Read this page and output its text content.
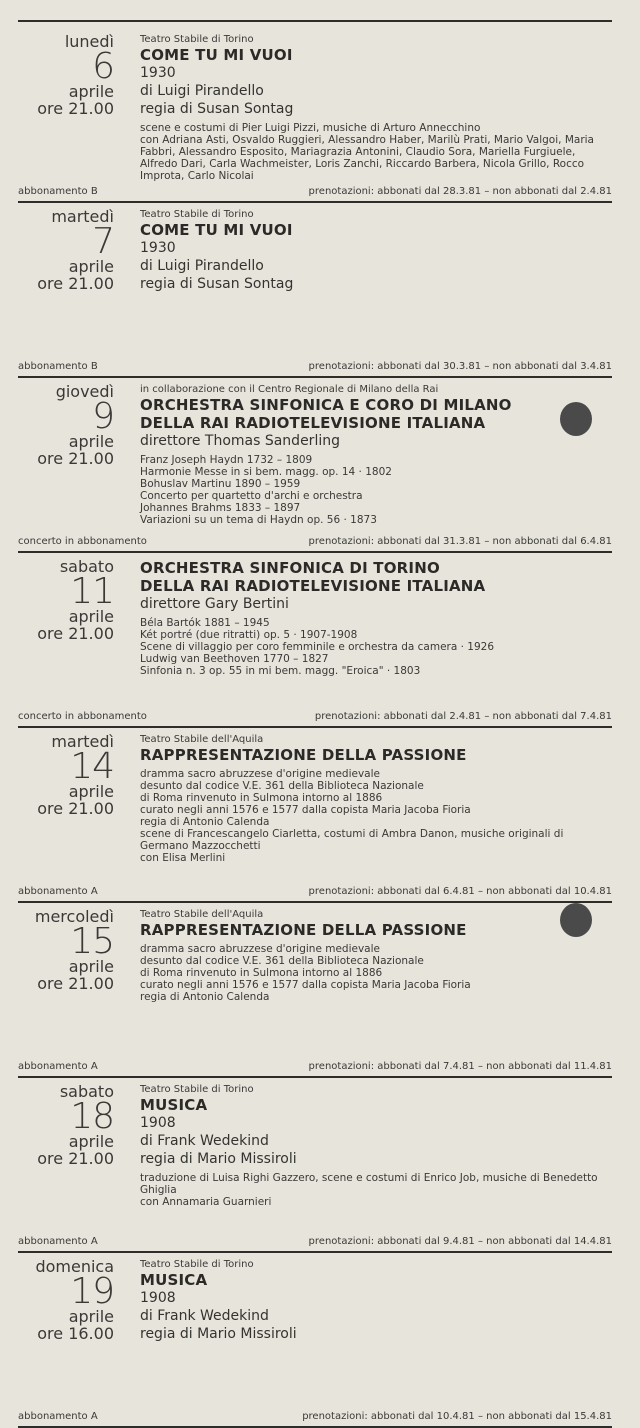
lunedì
6
aprile
ore 21.00
Teatro Stabile di Torino
COME TU MI VUOI
1930
di Luigi Pirandello
regia di Susan Sontag
scene e costumi di Pier Luigi Pizzi, musiche di Arturo Annecchino
con Adriana Asti, Osvaldo Ruggieri, Alessandro Haber, Marilù Prati, Mario Valgoi, Maria Fabbri, Alessandro Esposito, Mariagrazia Antonini, Claudio Sora, Mariella Furgiuele, Alfredo Dari, Carla Wachmeister, Loris Zanchi, Riccardo Barbera, Nicola Grillo, Rocco Improta, Carlo Nicolai
abbonamento B	prenotazioni: abbonati dal 28.3.81 – non abbonati dal 2.4.81
martedì
7
aprile
ore 21.00
Teatro Stabile di Torino
COME TU MI VUOI
1930
di Luigi Pirandello
regia di Susan Sontag
abbonamento B	prenotazioni: abbonati dal 30.3.81 – non abbonati dal 3.4.81
giovedì
9
aprile
ore 21.00
in collaborazione con il Centro Regionale di Milano della Rai
ORCHESTRA SINFONICA E CORO DI MILANO
DELLA RAI RADIOTELEVISIONE ITALIANA
direttore Thomas Sanderling
Franz Joseph Haydn 1732 – 1809
Harmonie Messe in si bem. magg. op. 14 · 1802
Bohuslav Martinu 1890 – 1959
Concerto per quartetto d'archi e orchestra
Johannes Brahms 1833 – 1897
Variazioni su un tema di Haydn op. 56 · 1873
concerto in abbonamento	prenotazioni: abbonati dal 31.3.81 – non abbonati dal 6.4.81
sabato
11
aprile
ore 21.00
ORCHESTRA SINFONICA DI TORINO
DELLA RAI RADIOTELEVISIONE ITALIANA
direttore Gary Bertini
Béla Bartók 1881 – 1945
Két portré (due ritratti) op. 5 · 1907-1908
Scene di villaggio per coro femminile e orchestra da camera · 1926
Ludwig van Beethoven 1770 – 1827
Sinfonia n. 3 op. 55 in mi bem. magg. "Eroica" · 1803
concerto in abbonamento	prenotazioni: abbonati dal 2.4.81 – non abbonati dal 7.4.81
martedì
14
aprile
ore 21.00
Teatro Stabile dell'Aquila
RAPPRESENTAZIONE DELLA PASSIONE
dramma sacro abruzzese d'origine medievale
desunto dal codice V.E. 361 della Biblioteca Nazionale
di Roma rinvenuto in Sulmona intorno al 1886
curato negli anni 1576 e 1577 dalla copista Maria Jacoba Fioria
regia di Antonio Calenda
scene di Francescangelo Ciarletta, costumi di Ambra Danon, musiche originali di Germano Mazzocchetti
con Elisa Merlini
abbonamento A	prenotazioni: abbonati dal 6.4.81 – non abbonati dal 10.4.81
mercoledì
15
aprile
ore 21.00
Teatro Stabile dell'Aquila
RAPPRESENTAZIONE DELLA PASSIONE
dramma sacro abruzzese d'origine medievale
desunto dal codice V.E. 361 della Biblioteca Nazionale
di Roma rinvenuto in Sulmona intorno al 1886
curato negli anni 1576 e 1577 dalla copista Maria Jacoba Fioria
regia di Antonio Calenda
abbonamento A	prenotazioni: abbonati dal 7.4.81 – non abbonati dal 11.4.81
sabato
18
aprile
ore 21.00
Teatro Stabile di Torino
MUSICA
1908
di Frank Wedekind
regia di Mario Missiroli
traduzione di Luisa Righi Gazzero, scene e costumi di Enrico Job, musiche di Benedetto Ghiglia
con Annamaria Guarnieri
abbonamento A	prenotazioni: abbonati dal 9.4.81 – non abbonati dal 14.4.81
domenica
19
aprile
ore 16.00
Teatro Stabile di Torino
MUSICA
1908
di Frank Wedekind
regia di Mario Missiroli
abbonamento A	prenotazioni: abbonati dal 10.4.81 – non abbonati dal 15.4.81
